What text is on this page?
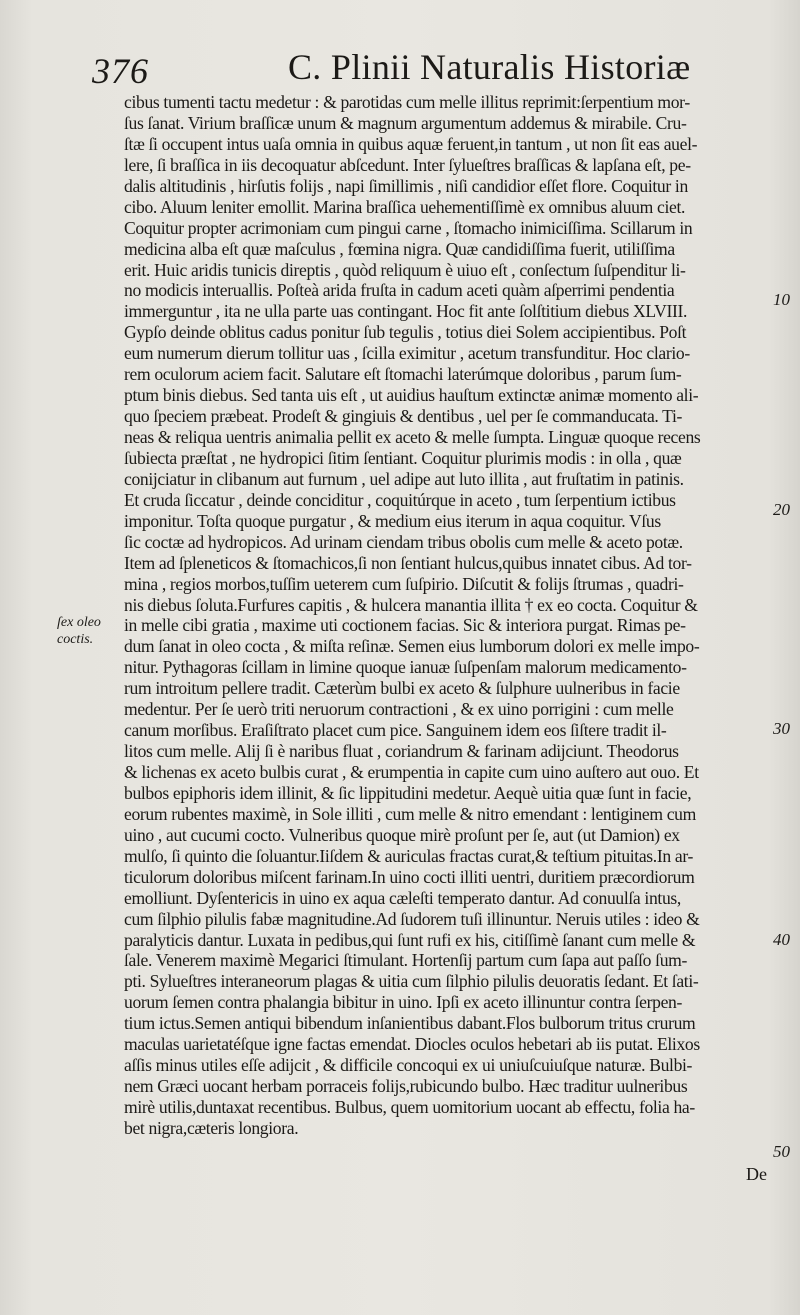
376	C. Plinii Naturalis Historiæ
ſex oleo
coctis.
cibus tumenti tactu medetur : & parotidas cum melle illitus reprimit:ſerpentium mor-
ſus ſanat. Virium braſſicæ unum & magnum argumentum addemus & mirabile. Cru-
ſtæ ſi occupent intus uaſa omnia in quibus aquæ feruent,in tantum , ut non ſit eas auel-
lere, ſi braſſica in iis decoquatur abſcedunt. Inter ſylueſtres braſſicas & lapſana eſt, pe-
dalis altitudinis , hirſutis folijs , napi ſimillimis , niſi candidior eſſet flore. Coquitur in
cibo. Aluum leniter emollit. Marina braſſica uehementiſſimè ex omnibus aluum ciet.
Coquitur propter acrimoniam cum pingui carne , ſtomacho inimiciſſima. Scillarum in
medicina alba eſt quæ maſculus , fœmina nigra. Quæ candidiſſima fuerit, utiliſſima
erit. Huic aridis tunicis direptis , quòd reliquum è uiuo eſt , conſectum ſuſpenditur li-
no modicis interuallis. Poſteà arida fruſta in cadum aceti quàm aſperrimi pendentia
immerguntur , ita ne ulla parte uas contingant. Hoc fit ante ſolſtitium diebus XLVIII.
Gypſo deinde oblitus cadus ponitur ſub tegulis , totius diei Solem accipientibus. Poſt
eum numerum dierum tollitur uas , ſcilla eximitur , acetum transfunditur. Hoc clario-
rem oculorum aciem facit. Salutare eſt ſtomachi laterúmque doloribus , parum ſum-
ptum binis diebus. Sed tanta uis eſt , ut auidius hauſtum extinctæ animæ momento ali-
quo ſpeciem præbeat. Prodeſt & gingiuis & dentibus , uel per ſe commanducata. Ti-
neas & reliqua uentris animalia pellit ex aceto & melle ſumpta. Linguæ quoque recens
ſubiecta præſtat , ne hydropici ſitim ſentiant. Coquitur plurimis modis : in olla , quæ
conijciatur in clibanum aut furnum , uel adipe aut luto illita , aut fruſtatim in patinis.
Et cruda ſiccatur , deinde conciditur , coquitúrque in aceto , tum ſerpentium ictibus
imponitur. Toſta quoque purgatur , & medium eius iterum in aqua coquitur. Vſus
ſic coctæ ad hydropicos. Ad urinam ciendam tribus obolis cum melle & aceto potæ.
Item ad ſpleneticos & ſtomachicos,ſi non ſentiant hulcus,quibus innatet cibus. Ad tor-
mina , regios morbos,tuſſim ueterem cum ſuſpirio. Diſcutit & folijs ſtrumas , quadri-
nis diebus ſoluta.Furfures capitis , & hulcera manantia illita † ex eo cocta. Coquitur &
in melle cibi gratia , maxime uti coctionem facias. Sic & interiora purgat. Rimas pe-
dum ſanat in oleo cocta , & miſta reſinæ. Semen eius lumborum dolori ex melle impo-
nitur. Pythagoras ſcillam in limine quoque ianuæ ſuſpenſam malorum medicamento-
rum introitum pellere tradit. Cæterùm bulbi ex aceto & ſulphure uulneribus in facie
medentur. Per ſe uerò triti neruorum contractioni , & ex uino porrigini : cum melle
canum morſibus. Eraſiſtrato placet cum pice. Sanguinem idem eos ſiſtere tradit il-
litos cum melle. Alij ſi è naribus fluat , coriandrum & farinam adijciunt. Theodorus
& lichenas ex aceto bulbis curat , & erumpentia in capite cum uino auſtero aut ouo. Et
bulbos epiphoris idem illinit, & ſic lippitudini medetur. Aequè uitia quæ ſunt in facie,
eorum rubentes maximè, in Sole illiti , cum melle & nitro emendant : lentiginem cum
uino , aut cucumi cocto. Vulneribus quoque mirè proſunt per ſe, aut (ut Damion) ex
mulſo, ſi quinto die ſoluantur.Iiſdem & auriculas fractas curat,& teſtium pituitas.In ar-
ticulorum doloribus miſcent farinam.In uino cocti illiti uentri, duritiem præcordiorum
emolliunt. Dyſentericis in uino ex aqua cæleſti temperato dantur. Ad conuulſa intus,
cum ſilphio pilulis fabæ magnitudine.Ad ſudorem tuſi illinuntur. Neruis utiles : ideo &
paralyticis dantur. Luxata in pedibus,qui ſunt rufi ex his, citiſſimè ſanant cum melle &
ſale. Venerem maximè Megarici ſtimulant. Hortenſij partum cum ſapa aut paſſo ſum-
pti. Sylueſtres interaneorum plagas & uitia cum ſilphio pilulis deuoratis ſedant. Et ſati-
uorum ſemen contra phalangia bibitur in uino. Ipſi ex aceto illinuntur contra ſerpen-
tium ictus.Semen antiqui bibendum inſanientibus dabant.Flos bulborum tritus crurum
maculas uarietatéſque igne factas emendat. Diocles oculos hebetari ab iis putat. Elixos
aſſis minus utiles eſſe adijcit , & difficile concoqui ex ui uniuſcuiuſque naturæ. Bulbi-
nem Græci uocant herbam porraceis folijs,rubicundo bulbo. Hæc traditur uulneribus
mirè utilis,duntaxat recentibus. Bulbus, quem uomitorium uocant ab effectu, folia ha-
bet nigra,cæteris longiora.
10
20
30
40
50
De
